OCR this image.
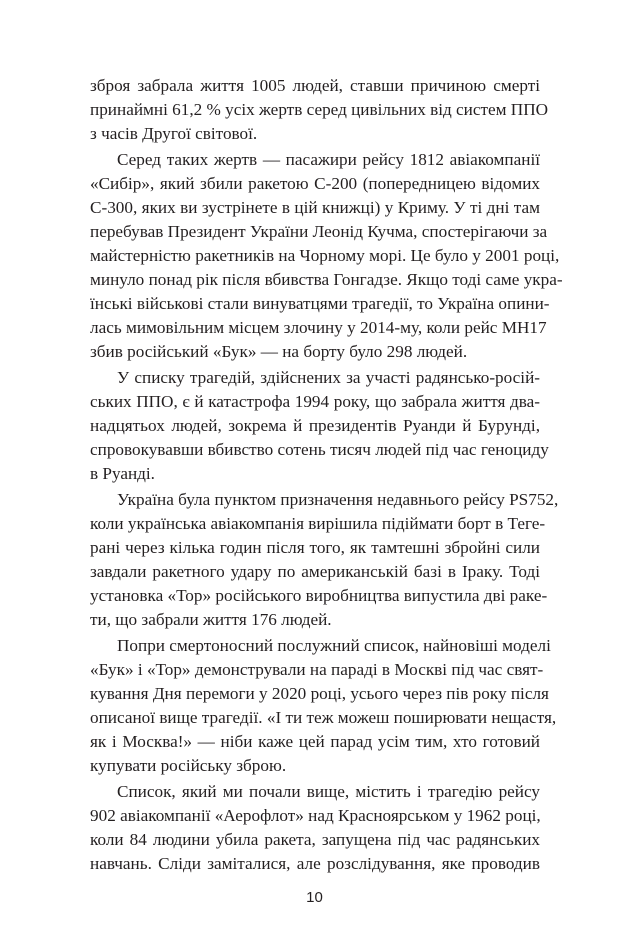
зброя забрала життя 1005 людей, ставши причиною смерті
принаймні 61,2 % усіх жертв серед цивільних від систем ППО
з часів Другої світової.
Серед таких жертв — пасажири рейсу 1812 авіакомпанії
«Сибір», який збили ракетою С-200 (попередницею відомих
С-300, яких ви зустрінете в цій книжці) у Криму. У ті дні там
перебував Президент України Леонід Кучма, спостерігаючи за
майстерністю ракетників на Чорному морі. Це було у 2001 році,
минуло понад рік після вбивства Гонгадзе. Якщо тоді саме укра-
їнські військові стали винуватцями трагедії, то Україна опини-
лась мимовільним місцем злочину у 2014-му, коли рейс MH17
збив російський «Бук» — на борту було 298 людей.
У списку трагедій, здійснених за участі радянсько-росій-
ських ППО, є й катастрофа 1994 року, що забрала життя два-
надцятьох людей, зокрема й президентів Руанди й Бурунді,
спровокувавши вбивство сотень тисяч людей під час геноциду
в Руанді.
Україна була пунктом призначення недавнього рейсу PS752,
коли українська авіакомпанія вирішила підіймати борт в Теге-
рані через кілька годин після того, як тамтешні збройні сили
завдали ракетного удару по американській базі в Іраку. Тоді
установка «Тор» російського виробництва випустила дві раке-
ти, що забрали життя 176 людей.
Попри смертоносний послужний список, найновіші моделі
«Бук» і «Тор» демонстрували на параді в Москві під час свят-
кування Дня перемоги у 2020 році, усього через пів року після
описаної вище трагедії. «І ти теж можеш поширювати нещастя,
як і Москва!» — ніби каже цей парад усім тим, хто готовий
купувати російську зброю.
Список, який ми почали вище, містить і трагедію рейсу
902 авіакомпанії «Аерофлот» над Красноярськом у 1962 році,
коли 84 людини убила ракета, запущена під час радянських
навчань. Сліди заміталися, але розслідування, яке проводив
10
